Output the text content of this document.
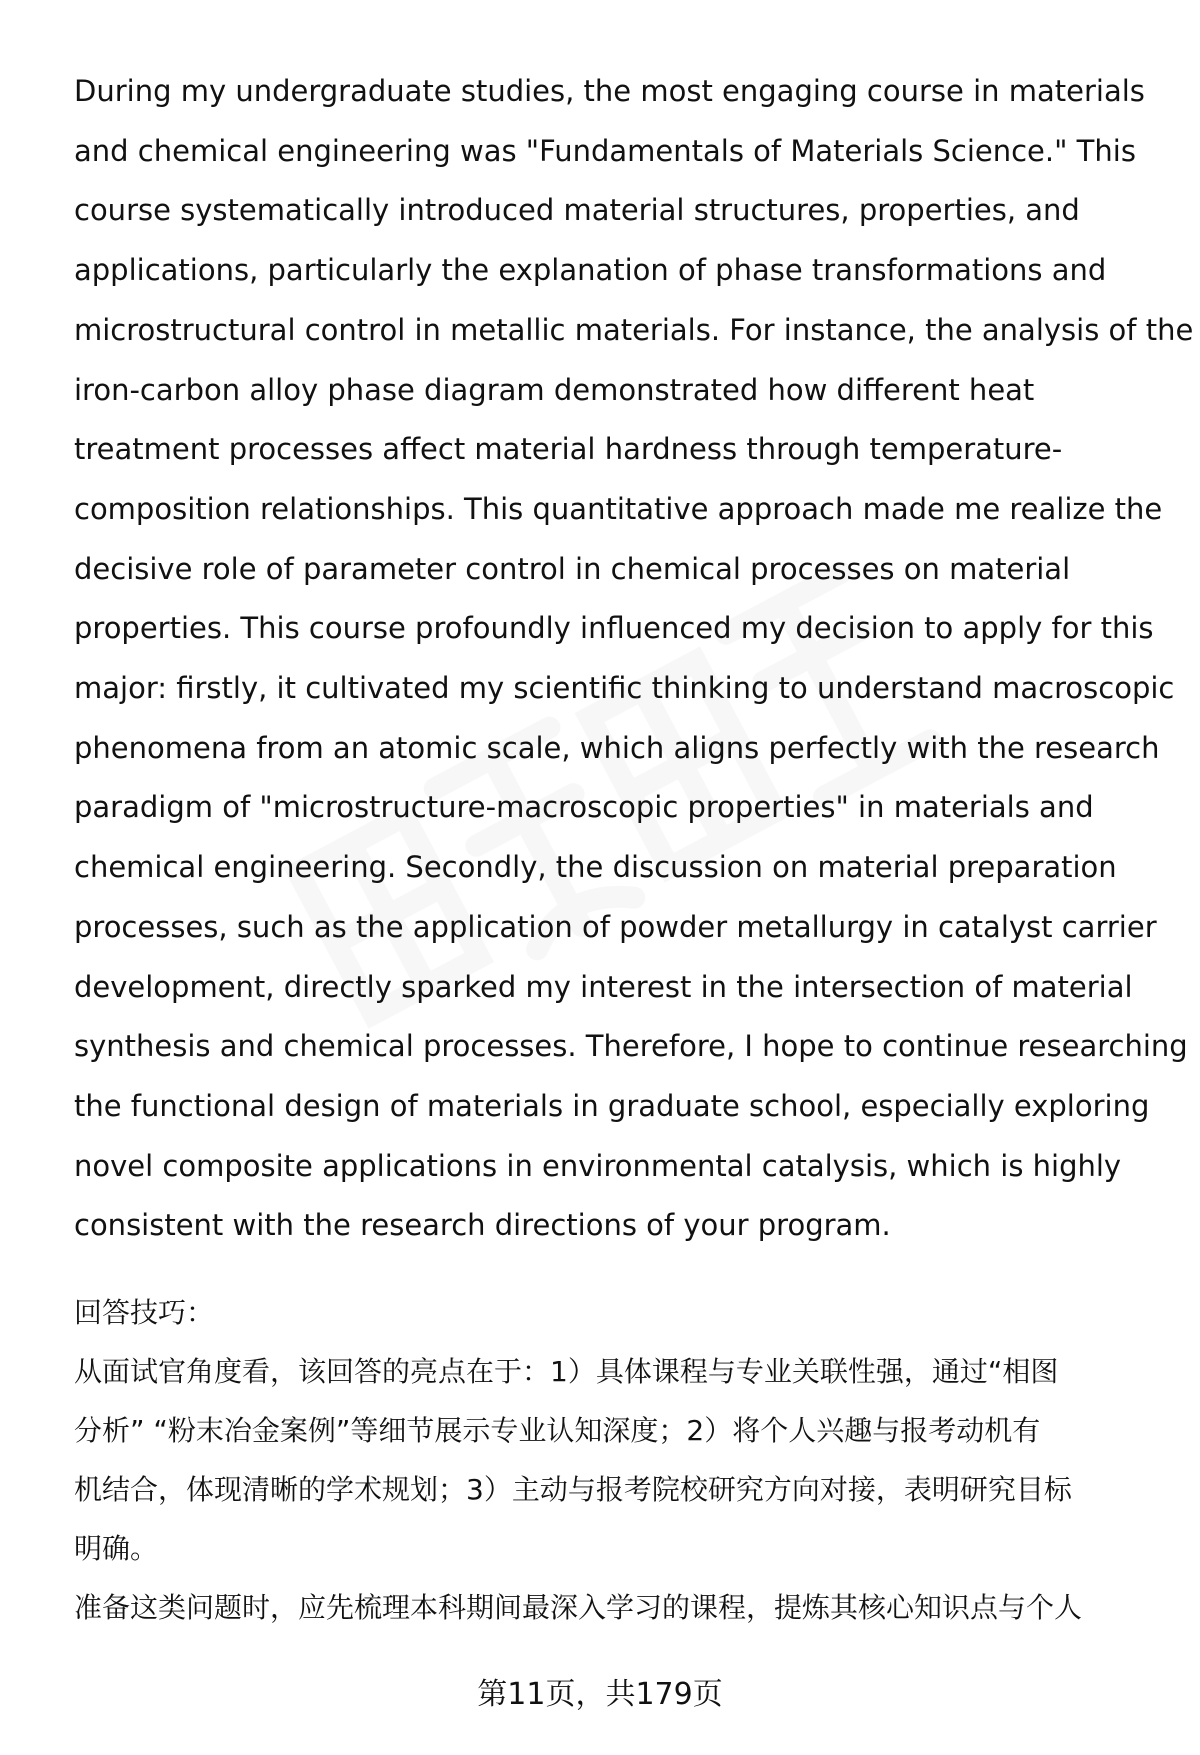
During my undergraduate studies, the most engaging course in materials
and chemical engineering was "Fundamentals of Materials Science." This
course systematically introduced material structures, properties, and
applications, particularly the explanation of phase transformations and
microstructural control in metallic materials. For instance, the analysis of the
iron-carbon alloy phase diagram demonstrated how different heat
treatment processes affect material hardness through temperature-
composition relationships. This quantitative approach made me realize the
decisive role of parameter control in chemical processes on material
properties. This course profoundly influenced my decision to apply for this
major: firstly, it cultivated my scientific thinking to understand macroscopic
phenomena from an atomic scale, which aligns perfectly with the research
paradigm of "microstructure-macroscopic properties" in materials and
chemical engineering. Secondly, the discussion on material preparation
processes, such as the application of powder metallurgy in catalyst carrier
development, directly sparked my interest in the intersection of material
synthesis and chemical processes. Therefore, I hope to continue researching
the functional design of materials in graduate school, especially exploring
novel composite applications in environmental catalysis, which is highly
consistent with the research directions of your program.
回答技巧：
从面试官角度看，该回答的亮点在于：1）具体课程与专业关联性强，通过“相图
分析” “粉末冶金案例”等细节展示专业认知深度；2）将个人兴趣与报考动机有
机结合，体现清晰的学术规划；3）主动与报考院校研究方向对接，表明研究目标
明确。
准备这类问题时，应先梳理本科期间最深入学习的课程，提炼其核心知识点与个人
第11页，共179页
